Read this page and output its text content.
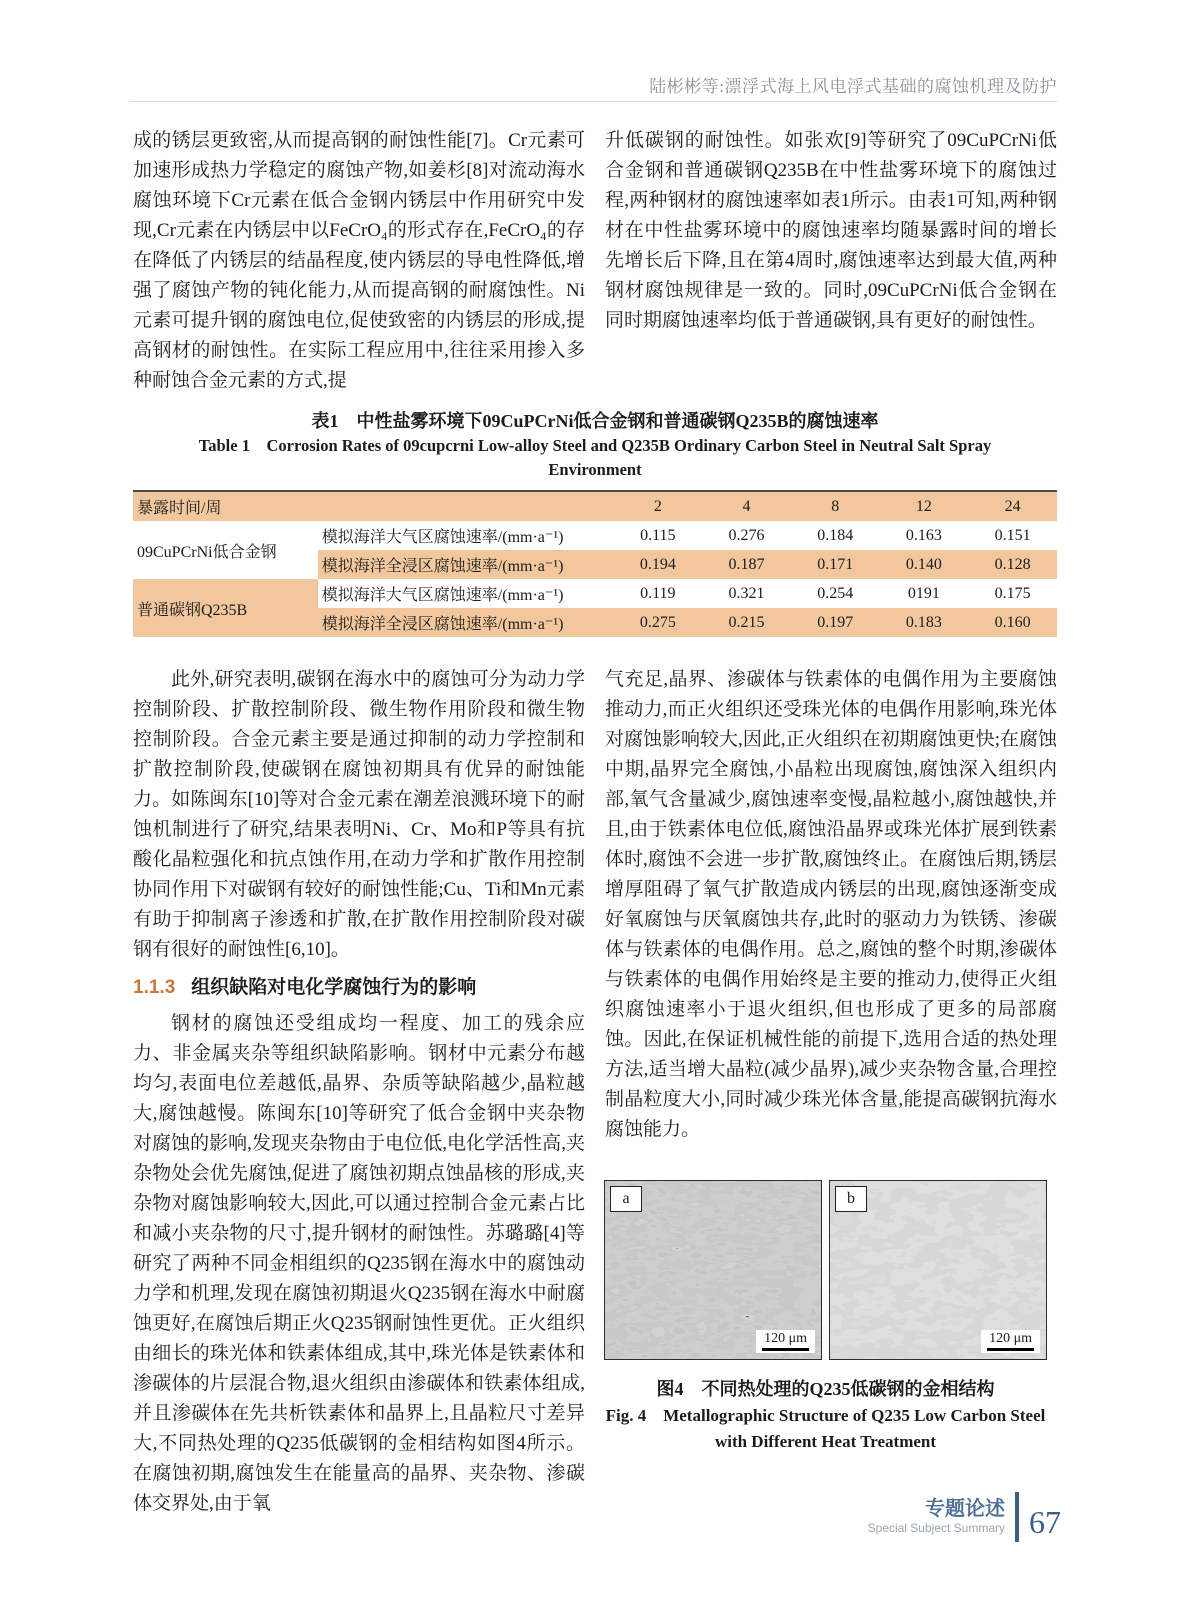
陆彬彬等:漂浮式海上风电浮式基础的腐蚀机理及防护

成的锈层更致密,从而提高钢的耐蚀性能[7]。Cr元素可加速形成热力学稳定的腐蚀产物,如姜杉[8]对流动海水腐蚀环境下Cr元素在低合金钢内锈层中作用研究中发现,Cr元素在内锈层中以FeCrO₄的形式存在,FeCrO₄的存在降低了内锈层的结晶程度,使内锈层的导电性降低,增强了腐蚀产物的钝化能力,从而提高钢的耐腐蚀性。Ni元素可提升钢的腐蚀电位,促使致密的内锈层的形成,提高钢材的耐蚀性。在实际工程应用中,往往采用掺入多种耐蚀合金元素的方式,提

升低碳钢的耐蚀性。如张欢[9]等研究了09CuPCrNi低合金钢和普通碳钢Q235B在中性盐雾环境下的腐蚀过程,两种钢材的腐蚀速率如表1所示。由表1可知,两种钢材在中性盐雾环境中的腐蚀速率均随暴露时间的增长先增长后下降,且在第4周时,腐蚀速率达到最大值,两种钢材腐蚀规律是一致的。同时,09CuPCrNi低合金钢在同时期腐蚀速率均低于普通碳钢,具有更好的耐蚀性。

表1　中性盐雾环境下09CuPCrNi低合金钢和普通碳钢Q235B的腐蚀速率
Table 1　Corrosion Rates of 09cupcrni Low-alloy Steel and Q235B Ordinary Carbon Steel in Neutral Salt Spray
Environment
暴露时间/周		2	4	8	12	24
09CuPCrNi低合金钢	模拟海洋大气区腐蚀速率/(mm·a⁻¹)	0.115	0.276	0.184	0.163	0.151
	模拟海洋全浸区腐蚀速率/(mm·a⁻¹)	0.194	0.187	0.171	0.140	0.128
普通碳钢Q235B	模拟海洋大气区腐蚀速率/(mm·a⁻¹)	0.119	0.321	0.254	0191	0.175
	模拟海洋全浸区腐蚀速率/(mm·a⁻¹)	0.275	0.215	0.197	0.183	0.160

此外,研究表明,碳钢在海水中的腐蚀可分为动力学控制阶段、扩散控制阶段、微生物作用阶段和微生物控制阶段。合金元素主要是通过抑制的动力学控制和扩散控制阶段,使碳钢在腐蚀初期具有优异的耐蚀能力。如陈闽东[10]等对合金元素在潮差浪溅环境下的耐蚀机制进行了研究,结果表明Ni、Cr、Mo和P等具有抗酸化晶粒强化和抗点蚀作用,在动力学和扩散作用控制协同作用下对碳钢有较好的耐蚀性能;Cu、Ti和Mn元素有助于抑制离子渗透和扩散,在扩散作用控制阶段对碳钢有很好的耐蚀性[6,10]。

1.1.3 组织缺陷对电化学腐蚀行为的影响

钢材的腐蚀还受组成均一程度、加工的残余应力、非金属夹杂等组织缺陷影响。钢材中元素分布越均匀,表面电位差越低,晶界、杂质等缺陷越少,晶粒越大,腐蚀越慢。陈闽东[10]等研究了低合金钢中夹杂物对腐蚀的影响,发现夹杂物由于电位低,电化学活性高,夹杂物处会优先腐蚀,促进了腐蚀初期点蚀晶核的形成,夹杂物对腐蚀影响较大,因此,可以通过控制合金元素占比和减小夹杂物的尺寸,提升钢材的耐蚀性。苏璐璐[4]等研究了两种不同金相组织的Q235钢在海水中的腐蚀动力学和机理,发现在腐蚀初期退火Q235钢在海水中耐腐蚀更好,在腐蚀后期正火Q235钢耐蚀性更优。正火组织由细长的珠光体和铁素体组成,其中,珠光体是铁素体和渗碳体的片层混合物,退火组织由渗碳体和铁素体组成,并且渗碳体在先共析铁素体和晶界上,且晶粒尺寸差异大,不同热处理的Q235低碳钢的金相结构如图4所示。在腐蚀初期,腐蚀发生在能量高的晶界、夹杂物、渗碳体交界处,由于氧

气充足,晶界、渗碳体与铁素体的电偶作用为主要腐蚀推动力,而正火组织还受珠光体的电偶作用影响,珠光体对腐蚀影响较大,因此,正火组织在初期腐蚀更快;在腐蚀中期,晶界完全腐蚀,小晶粒出现腐蚀,腐蚀深入组织内部,氧气含量减少,腐蚀速率变慢,晶粒越小,腐蚀越快,并且,由于铁素体电位低,腐蚀沿晶界或珠光体扩展到铁素体时,腐蚀不会进一步扩散,腐蚀终止。在腐蚀后期,锈层增厚阻碍了氧气扩散造成内锈层的出现,腐蚀逐渐变成好氧腐蚀与厌氧腐蚀共存,此时的驱动力为铁锈、渗碳体与铁素体的电偶作用。总之,腐蚀的整个时期,渗碳体与铁素体的电偶作用始终是主要的推动力,使得正火组织腐蚀速率小于退火组织,但也形成了更多的局部腐蚀。因此,在保证机械性能的前提下,选用合适的热处理方法,适当增大晶粒(减少晶界),减少夹杂物含量,合理控制晶粒度大小,同时减少珠光体含量,能提高碳钢抗海水腐蚀能力。

a
120 μm
b
120 μm
图4　不同热处理的Q235低碳钢的金相结构
Fig. 4　Metallographic Structure of Q235 Low Carbon Steel
with Different Heat Treatment
专题论述
Special Subject Summary 67
